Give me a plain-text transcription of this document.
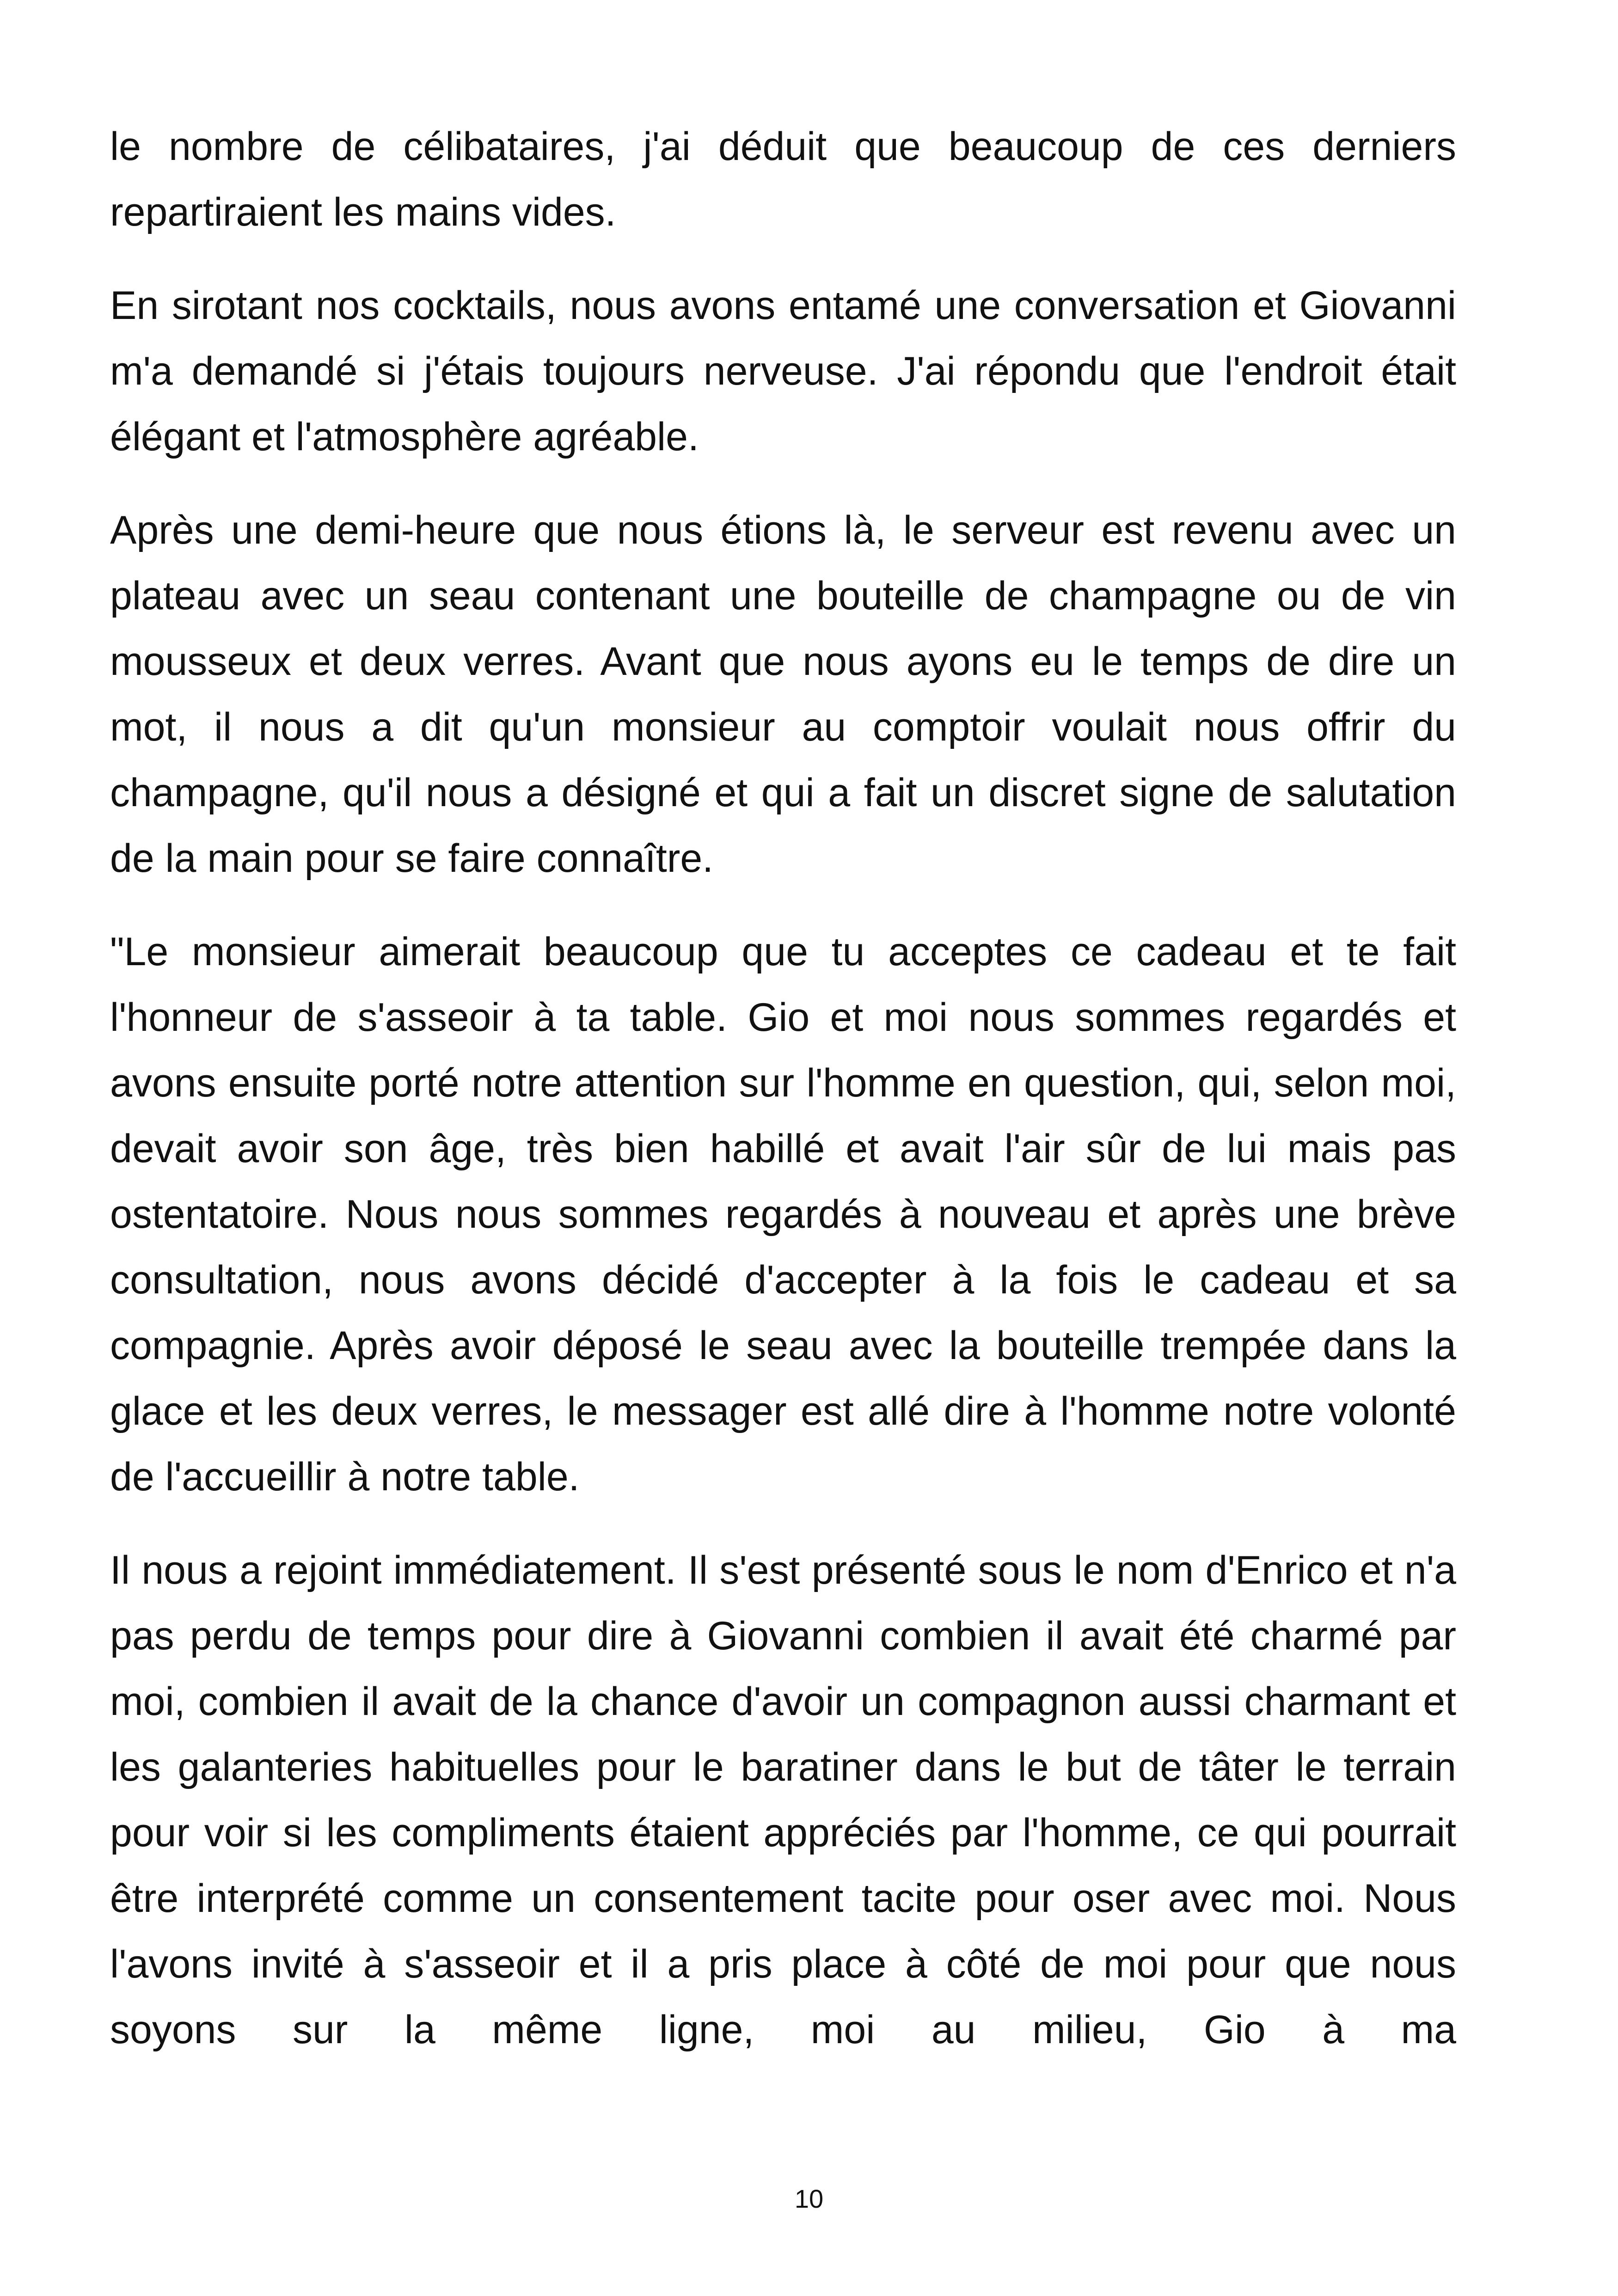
le nombre de célibataires, j'ai déduit que beaucoup de ces derniers repartiraient les mains vides.

En sirotant nos cocktails, nous avons entamé une conversation et Giovanni m'a demandé si j'étais toujours nerveuse. J'ai répondu que l'endroit était élégant et l'atmosphère agréable.

Après une demi-heure que nous étions là, le serveur est revenu avec un plateau avec un seau contenant une bouteille de champagne ou de vin mousseux et deux verres. Avant que nous ayons eu le temps de dire un mot, il nous a dit qu'un monsieur au comptoir voulait nous offrir du champagne, qu'il nous a désigné et qui a fait un discret signe de salutation de la main pour se faire connaître.

"Le monsieur aimerait beaucoup que tu acceptes ce cadeau et te fait l'honneur de s'asseoir à ta table. Gio et moi nous sommes regardés et avons ensuite porté notre attention sur l'homme en question, qui, selon moi, devait avoir son âge, très bien habillé et avait l'air sûr de lui mais pas ostentatoire. Nous nous sommes regardés à nouveau et après une brève consultation, nous avons décidé d'accepter à la fois le cadeau et sa compagnie. Après avoir déposé le seau avec la bouteille trempée dans la glace et les deux verres, le messager est allé dire à l'homme notre volonté de l'accueillir à notre table.

Il nous a rejoint immédiatement. Il s'est présenté sous le nom d'Enrico et n'a pas perdu de temps pour dire à Giovanni combien il avait été charmé par moi, combien il avait de la chance d'avoir un compagnon aussi charmant et les galanteries habituelles pour le baratiner dans le but de tâter le terrain pour voir si les compliments étaient appréciés par l'homme, ce qui pourrait être interprété comme un consentement tacite pour oser avec moi. Nous l'avons invité à s'asseoir et il a pris place à côté de moi pour que nous soyons sur la même ligne, moi au milieu, Gio à ma

10
